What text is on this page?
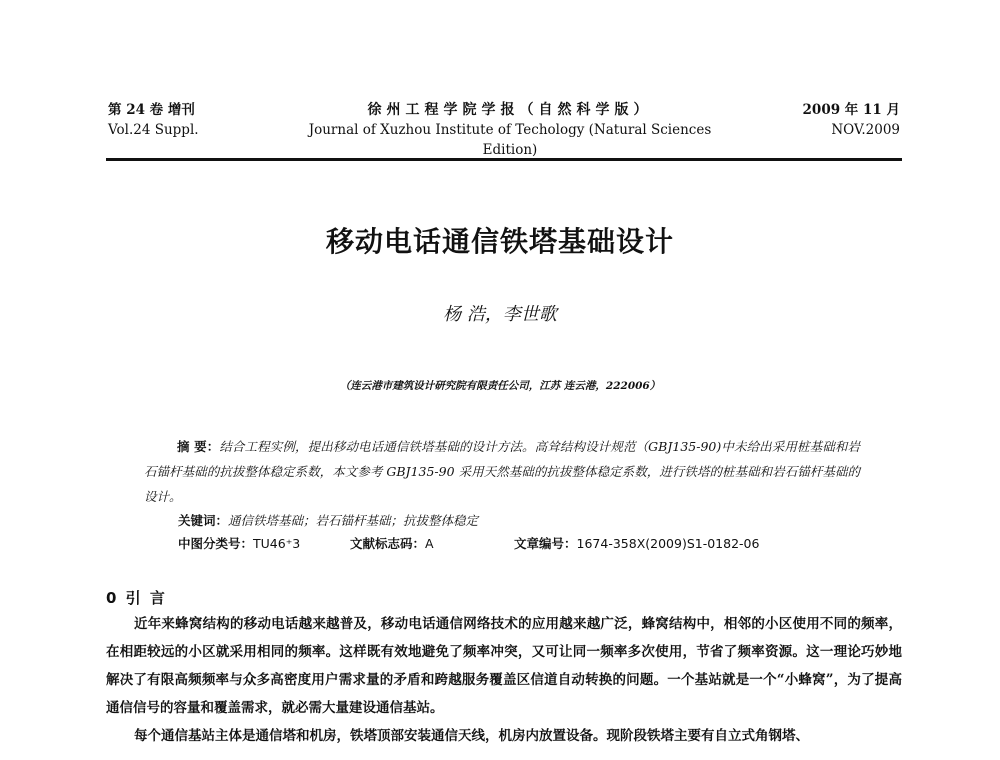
第 24 卷 增刊
Vol.24 Suppl.
徐州工程学院学报（自然科学版）
Journal of Xuzhou Institute of Techology (Natural Sciences Edition)
2009 年 11 月
NOV.2009
移动电话通信铁塔基础设计
杨 浩，李世歌
（连云港市建筑设计研究院有限责任公司，江苏 连云港，222006）
摘 要：结合工程实例，提出移动电话通信铁塔基础的设计方法。高耸结构设计规范（GBJ135-90)中未给出采用桩基础和岩石锚杆基础的抗拔整体稳定系数，本文参考 GBJ135-90 采用天然基础的抗拔整体稳定系数，进行铁塔的桩基础和岩石锚杆基础的设计。
关键词：通信铁塔基础；岩石锚杆基础；抗拔整体稳定
中图分类号：TU46⁺3	文献标志码：A	文章编号：1674-358X(2009)S1-0182-06
0 引 言

近年来蜂窝结构的移动电话越来越普及，移动电话通信网络技术的应用越来越广泛，蜂窝结构中，相邻的小区使用不同的频率，在相距较远的小区就采用相同的频率。这样既有效地避免了频率冲突，又可让同一频率多次使用，节省了频率资源。这一理论巧妙地解决了有限高频频率与众多高密度用户需求量的矛盾和跨越服务覆盖区信道自动转换的问题。一个基站就是一个“小蜂窝”，为了提高通信信号的容量和覆盖需求，就必需大量建设通信基站。

每个通信基站主体是通信塔和机房，铁塔顶部安装通信天线，机房内放置设备。现阶段铁塔主要有自立式角钢塔、
